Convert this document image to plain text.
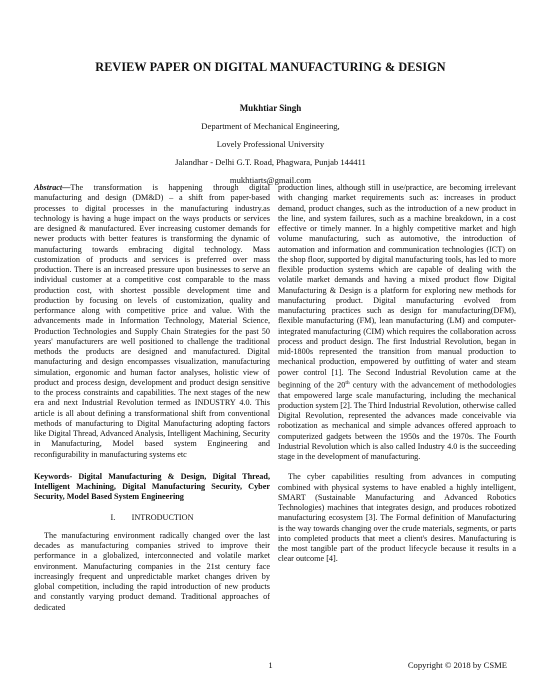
REVIEW PAPER ON DIGITAL MANUFACTURING & DESIGN
Mukhtiar Singh
Department of Mechanical Engineering,
Lovely Professional University
Jalandhar - Delhi G.T. Road, Phagwara, Punjab 144411
mukhtiarts@gmail.com

Abstract—The transformation is happening through digital manufacturing and design (DM&D) – a shift from paper-based processes to digital processes in the manufacturing industry.as technology is having a huge impact on the ways products or services are designed & manufactured. Ever increasing customer demands for newer products with better features is transforming the dynamic of manufacturing towards embracing digital technology. Mass customization of products and services is preferred over mass production. There is an increased pressure upon businesses to serve an individual customer at a competitive cost comparable to the mass production cost, with shortest possible development time and production by focusing on levels of customization, quality and performance along with competitive price and value. With the advancements made in Information Technology, Material Science, Production Technologies and Supply Chain Strategies for the past 50 years' manufacturers are well positioned to challenge the traditional methods the products are designed and manufactured. Digital manufacturing and design encompasses visualization, manufacturing simulation, ergonomic and human factor analyses, holistic view of product and process design, development and product design sensitive to the process constraints and capabilities. The next stages of the new era and next Industrial Revolution termed as INDUSTRY 4.0. This article is all about defining a transformational shift from conventional methods of manufacturing to Digital Manufacturing adopting factors like Digital Thread, Advanced Analysis, Intelligent Machining, Security in Manufacturing, Model based system Engineering and reconfigurability in manufacturing systems etc

Keywords- Digital Manufacturing & Design, Digital Thread, Intelligent Machining, Digital Manufacturing Security, Cyber Security, Model Based System Engineering

I.        INTRODUCTION

The manufacturing environment radically changed over the last decades as manufacturing companies strived to improve their performance in a globalized, interconnected and volatile market environment. Manufacturing companies in the 21st century face increasingly frequent and unpredictable market changes driven by global competition, including the rapid introduction of new products and constantly varying product demand. Traditional approaches of dedicated

production lines, although still in use/practice, are becoming irrelevant with changing market requirements such as: increases in product demand, product changes, such as the introduction of a new product in the line, and system failures, such as a machine breakdown, in a cost effective or timely manner. In a highly competitive market and high volume manufacturing, such as automotive, the introduction of automation and information and communication technologies (ICT) on the shop floor, supported by digital manufacturing tools, has led to more flexible production systems which are capable of dealing with the volatile market demands and having a mixed product flow Digital Manufacturing & Design is a platform for exploring new methods for manufacturing product. Digital manufacturing evolved from manufacturing practices such as design for manufacturing(DFM), flexible manufacturing (FM), lean manufacturing (LM) and computer-integrated manufacturing (CIM) which requires the collaboration across process and product design. The first Industrial Revolution, began in mid-1800s represented the transition from manual production to mechanical production, empowered by outfitting of water and steam power control [1]. The Second Industrial Revolution came at the beginning of the 20th century with the advancement of methodologies that empowered large scale manufacturing, including the mechanical production system [2]. The Third Industrial Revolution, otherwise called Digital Revolution, represented the advances made conceivable via robotization as mechanical and simple advances offered approach to computerized gadgets between the 1950s and the 1970s. The Fourth Industrial Revolution which is also called Industry 4.0 is the succeeding stage in the development of manufacturing.

The cyber capabilities resulting from advances in computing combined with physical systems to have enabled a highly intelligent, SMART (Sustainable Manufacturing and Advanced Robotics Technologies) machines that integrates design, and produces robotized manufacturing ecosystem [3]. The Formal definition of Manufacturing is the way towards changing over the crude materials, segments, or parts into completed products that meet a client's desires. Manufacturing is the most tangible part of the product lifecycle because it results in a clear outcome [4].

1	Copyright © 2018 by CSME
